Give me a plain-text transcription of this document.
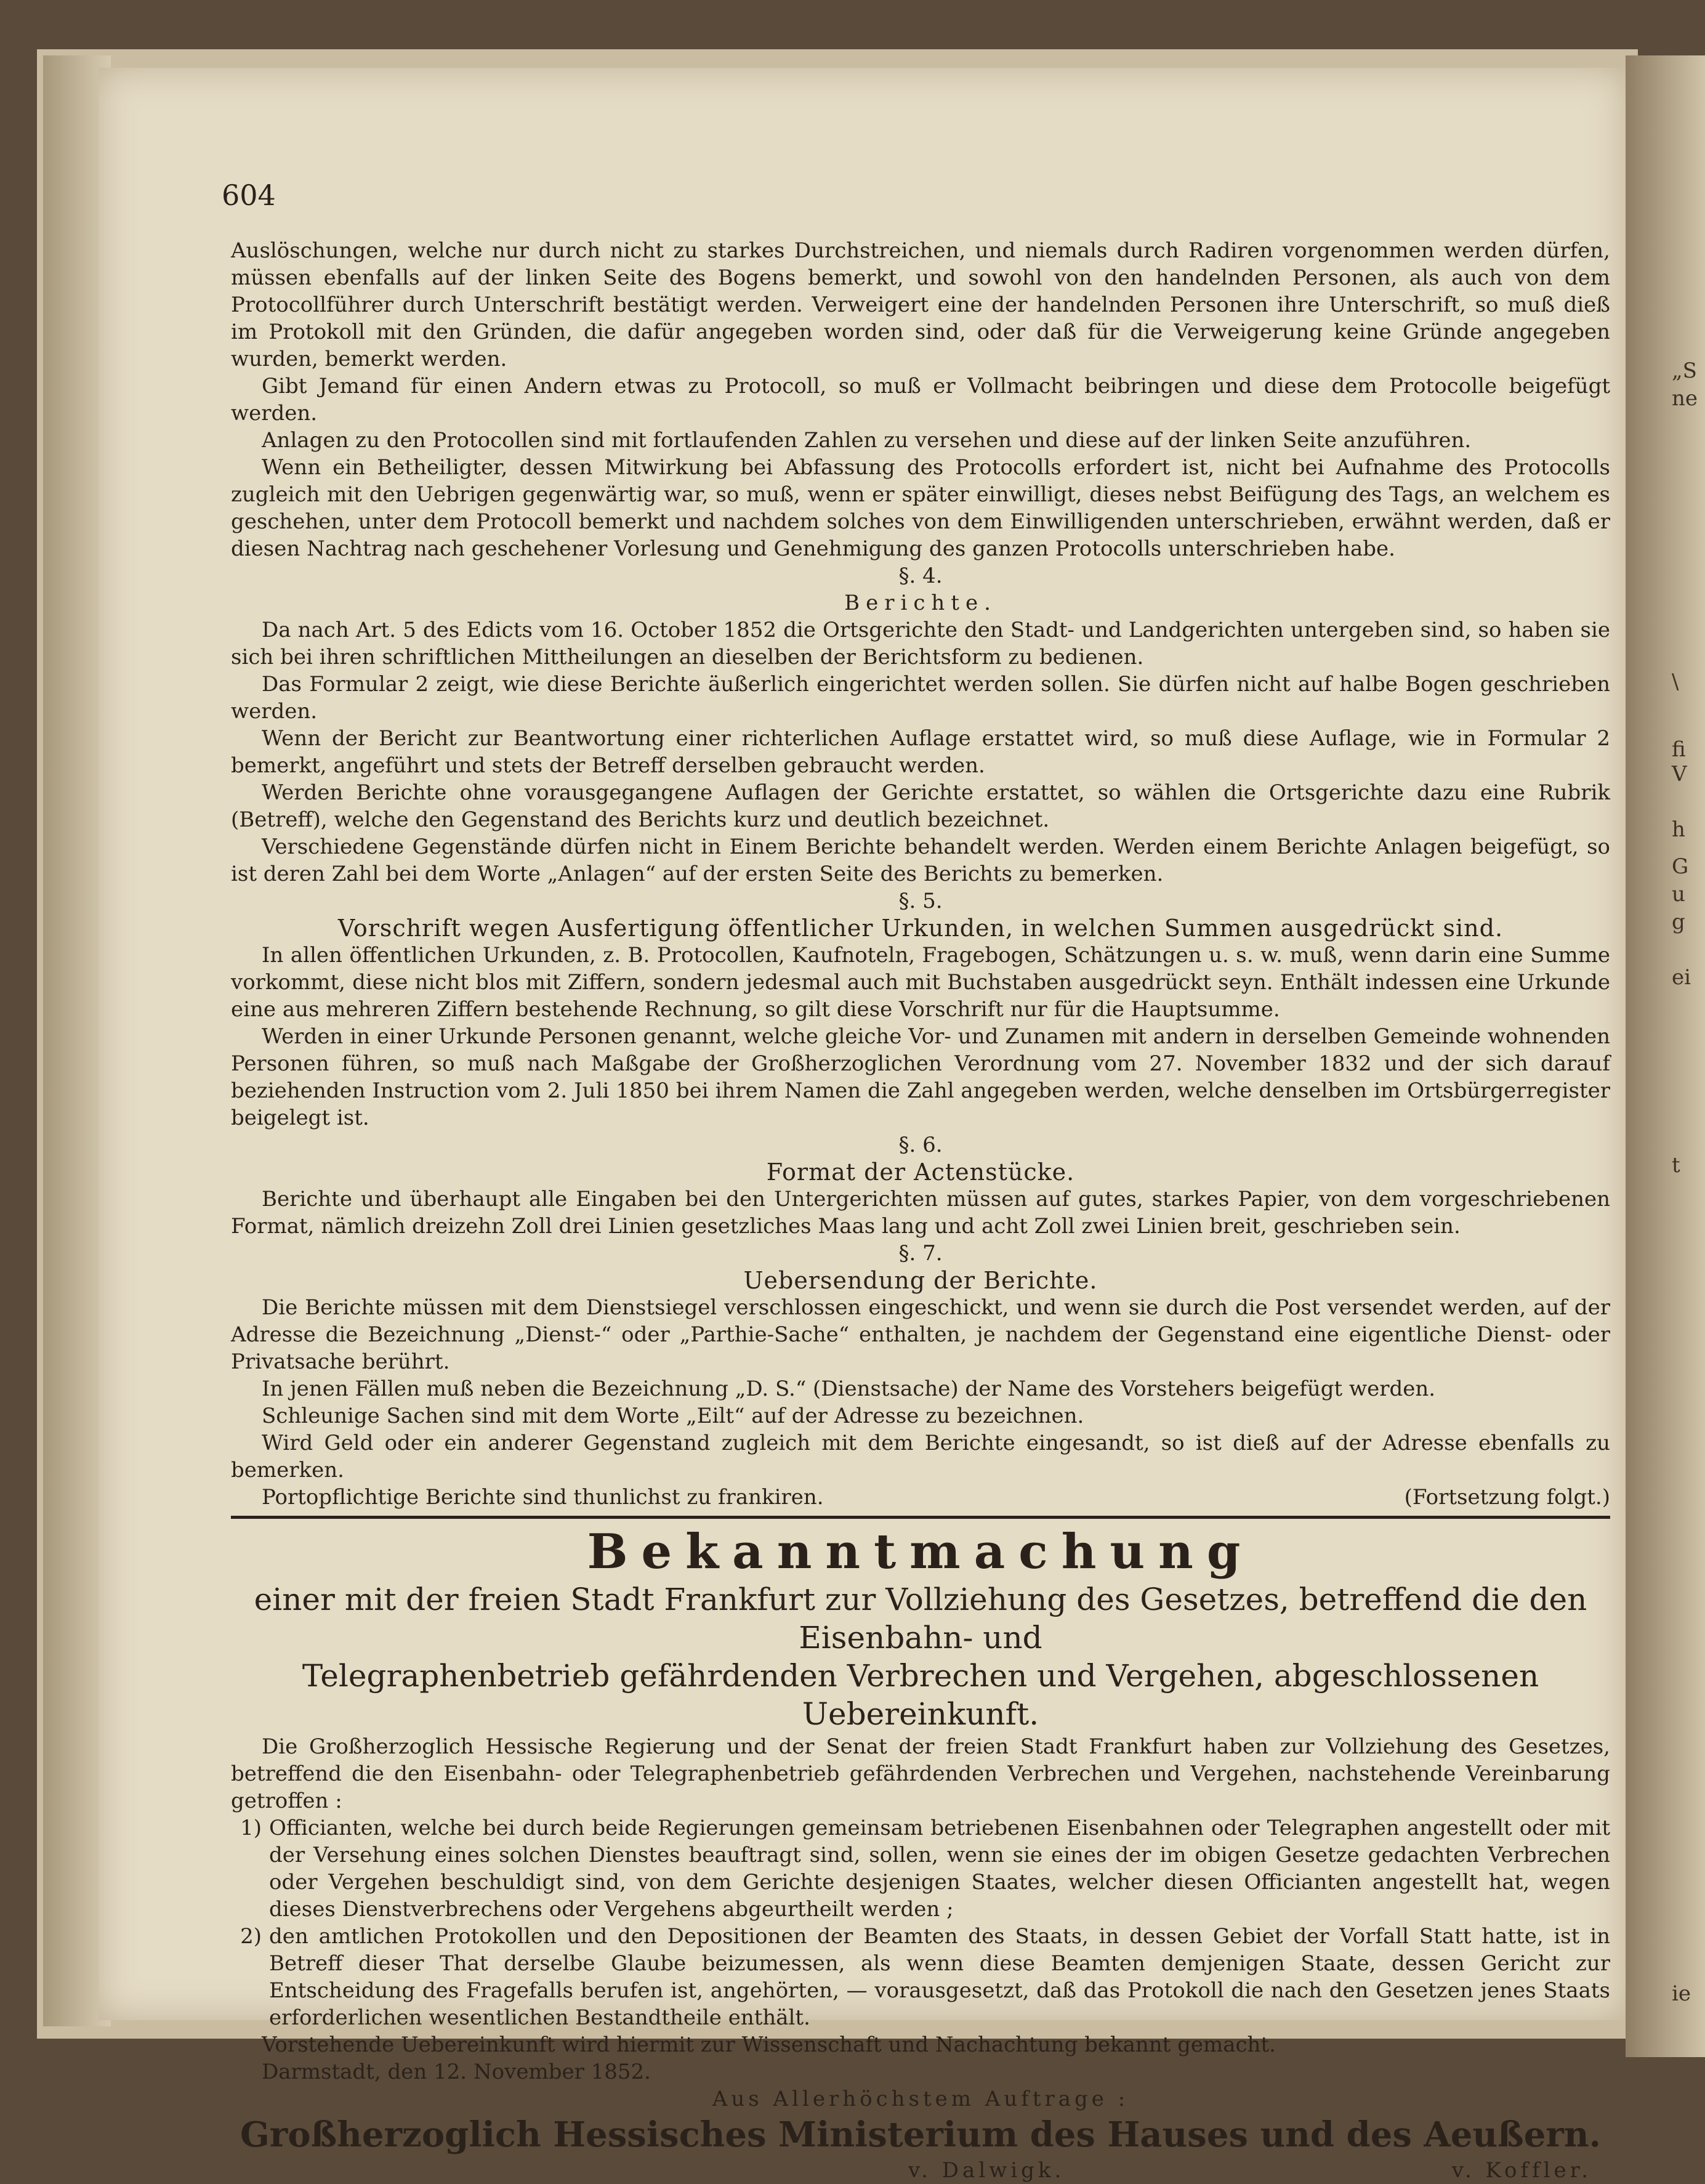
„S
ne
\
fi
V
h
G
u
g
ei
t
ie
604

Auslöschungen, welche nur durch nicht zu starkes Durchstreichen, und niemals durch Radiren vorgenommen werden dürfen, müssen ebenfalls auf der linken Seite des Bogens bemerkt, und sowohl von den handelnden Personen, als auch von dem Protocollführer durch Unterschrift bestätigt werden. Verweigert eine der handelnden Personen ihre Unterschrift, so muß dieß im Protokoll mit den Gründen, die dafür angegeben worden sind, oder daß für die Verweigerung keine Gründe angegeben wurden, bemerkt werden.

Gibt Jemand für einen Andern etwas zu Protocoll, so muß er Vollmacht beibringen und diese dem Protocolle beigefügt werden.

Anlagen zu den Protocollen sind mit fortlaufenden Zahlen zu versehen und diese auf der linken Seite anzuführen.

Wenn ein Betheiligter, dessen Mitwirkung bei Abfassung des Protocolls erfordert ist, nicht bei Aufnahme des Protocolls zugleich mit den Uebrigen gegenwärtig war, so muß, wenn er später einwilligt, dieses nebst Beifügung des Tags, an welchem es geschehen, unter dem Protocoll bemerkt und nachdem solches von dem Einwilligenden unterschrieben, erwähnt werden, daß er diesen Nachtrag nach geschehener Vorlesung und Genehmigung des ganzen Protocolls unterschrieben habe.

§. 4.

Berichte.

Da nach Art. 5 des Edicts vom 16. October 1852 die Ortsgerichte den Stadt- und Landgerichten untergeben sind, so haben sie sich bei ihren schriftlichen Mittheilungen an dieselben der Berichtsform zu bedienen.

Das Formular 2 zeigt, wie diese Berichte äußerlich eingerichtet werden sollen. Sie dürfen nicht auf halbe Bogen geschrieben werden.

Wenn der Bericht zur Beantwortung einer richterlichen Auflage erstattet wird, so muß diese Auflage, wie in Formular 2 bemerkt, angeführt und stets der Betreff derselben gebraucht werden.

Werden Berichte ohne vorausgegangene Auflagen der Gerichte erstattet, so wählen die Ortsgerichte dazu eine Rubrik (Betreff), welche den Gegenstand des Berichts kurz und deutlich bezeichnet.

Verschiedene Gegenstände dürfen nicht in Einem Berichte behandelt werden. Werden einem Berichte Anlagen beigefügt, so ist deren Zahl bei dem Worte „Anlagen“ auf der ersten Seite des Berichts zu bemerken.

§. 5.

Vorschrift wegen Ausfertigung öffentlicher Urkunden, in welchen Summen ausgedrückt sind.

In allen öffentlichen Urkunden, z. B. Protocollen, Kaufnoteln, Fragebogen, Schätzungen u. s. w. muß, wenn darin eine Summe vorkommt, diese nicht blos mit Ziffern, sondern jedesmal auch mit Buchstaben ausgedrückt seyn. Enthält indessen eine Urkunde eine aus mehreren Ziffern bestehende Rechnung, so gilt diese Vorschrift nur für die Hauptsumme.

Werden in einer Urkunde Personen genannt, welche gleiche Vor- und Zunamen mit andern in derselben Gemeinde wohnenden Personen führen, so muß nach Maßgabe der Großherzoglichen Verordnung vom 27. November 1832 und der sich darauf beziehenden Instruction vom 2. Juli 1850 bei ihrem Namen die Zahl angegeben werden, welche denselben im Ortsbürgerregister beigelegt ist.

§. 6.

Format der Actenstücke.

Berichte und überhaupt alle Eingaben bei den Untergerichten müssen auf gutes, starkes Papier, von dem vorgeschriebenen Format, nämlich dreizehn Zoll drei Linien gesetzliches Maas lang und acht Zoll zwei Linien breit, geschrieben sein.

§. 7.

Uebersendung der Berichte.

Die Berichte müssen mit dem Dienstsiegel verschlossen eingeschickt, und wenn sie durch die Post versendet werden, auf der Adresse die Bezeichnung „Dienst-“ oder „Parthie-Sache“ enthalten, je nachdem der Gegenstand eine eigentliche Dienst- oder Privatsache berührt.

In jenen Fällen muß neben die Bezeichnung „D. S.“ (Dienstsache) der Name des Vorstehers beigefügt werden.

Schleunige Sachen sind mit dem Worte „Eilt“ auf der Adresse zu bezeichnen.

Wird Geld oder ein anderer Gegenstand zugleich mit dem Berichte eingesandt, so ist dieß auf der Adresse ebenfalls zu bemerken.

Portopflichtige Berichte sind thunlichst zu frankiren.	(Fortsetzung folgt.)

Bekanntmachung

einer mit der freien Stadt Frankfurt zur Vollziehung des Gesetzes, betreffend die den Eisenbahn- und

Telegraphenbetrieb gefährdenden Verbrechen und Vergehen, abgeschlossenen Uebereinkunft.

Die Großherzoglich Hessische Regierung und der Senat der freien Stadt Frankfurt haben zur Vollziehung des Gesetzes, betreffend die den Eisenbahn- oder Telegraphenbetrieb gefährdenden Verbrechen und Vergehen, nachstehende Vereinbarung getroffen :

1) Officianten, welche bei durch beide Regierungen gemeinsam betriebenen Eisenbahnen oder Telegraphen angestellt oder mit der Versehung eines solchen Dienstes beauftragt sind, sollen, wenn sie eines der im obigen Gesetze gedachten Verbrechen oder Vergehen beschuldigt sind, von dem Gerichte desjenigen Staates, welcher diesen Officianten angestellt hat, wegen dieses Dienstverbrechens oder Vergehens abgeurtheilt werden ;
2) den amtlichen Protokollen und den Depositionen der Beamten des Staats, in dessen Gebiet der Vorfall Statt hatte, ist in Betreff dieser That derselbe Glaube beizumessen, als wenn diese Beamten demjenigen Staate, dessen Gericht zur Entscheidung des Fragefalls berufen ist, angehörten, — vorausgesetzt, daß das Protokoll die nach den Gesetzen jenes Staats erforderlichen wesentlichen Bestandtheile enthält.

Vorstehende Uebereinkunft wird hiermit zur Wissenschaft und Nachachtung bekannt gemacht.

Darmstadt, den 12. November 1852.

Aus Allerhöchstem Auftrage :

Großherzoglich Hessisches Ministerium des Hauses und des Aeußern.

v. Dalwigk.	v. Koffler.
